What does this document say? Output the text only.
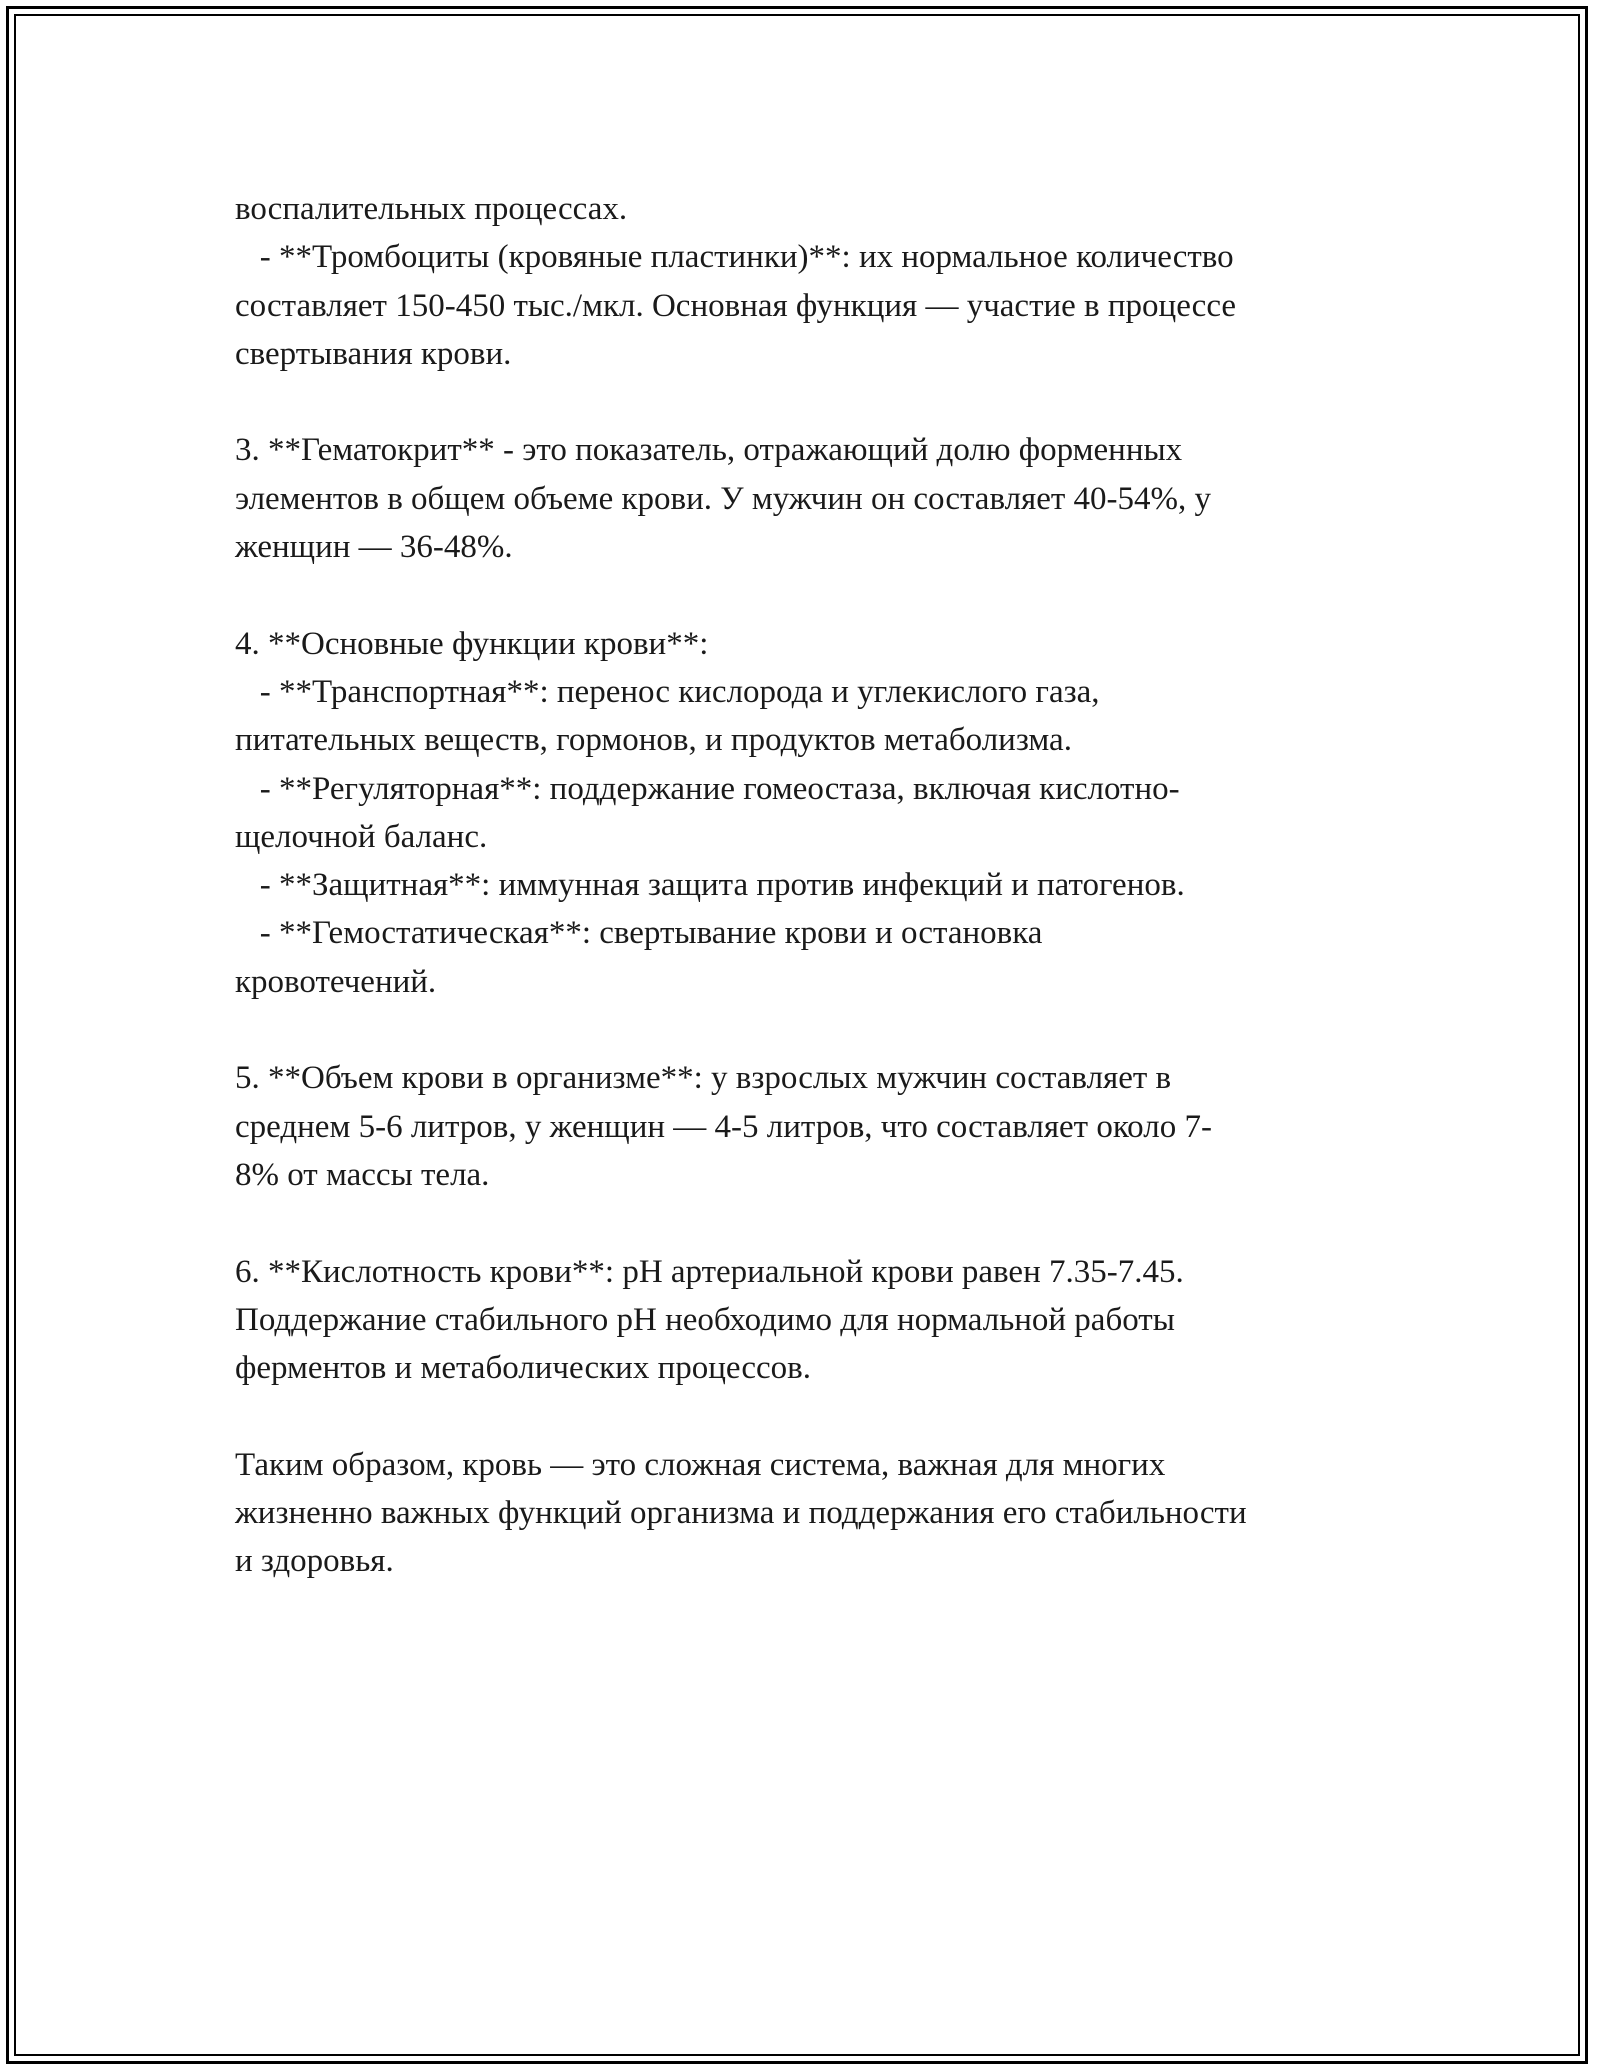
воспалительных процессах.
- **Тромбоциты (кровяные пластинки)**: их нормальное количество
составляет 150-450 тыс./мкл. Основная функция — участие в процессе
свертывания крови.
3. **Гематокрит** - это показатель, отражающий долю форменных
элементов в общем объеме крови. У мужчин он составляет 40-54%, у
женщин — 36-48%.
4. **Основные функции крови**:
- **Транспортная**: перенос кислорода и углекислого газа,
питательных веществ, гормонов, и продуктов метаболизма.
- **Регуляторная**: поддержание гомеостаза, включая кислотно-
щелочной баланс.
- **Защитная**: иммунная защита против инфекций и патогенов.
- **Гемостатическая**: свертывание крови и остановка
кровотечений.
5. **Объем крови в организме**: у взрослых мужчин составляет в
среднем 5-6 литров, у женщин — 4-5 литров, что составляет около 7-
8% от массы тела.
6. **Кислотность крови**: pH артериальной крови равен 7.35-7.45.
Поддержание стабильного pH необходимо для нормальной работы
ферментов и метаболических процессов.
Таким образом, кровь — это сложная система, важная для многих
жизненно важных функций организма и поддержания его стабильности
и здоровья.
